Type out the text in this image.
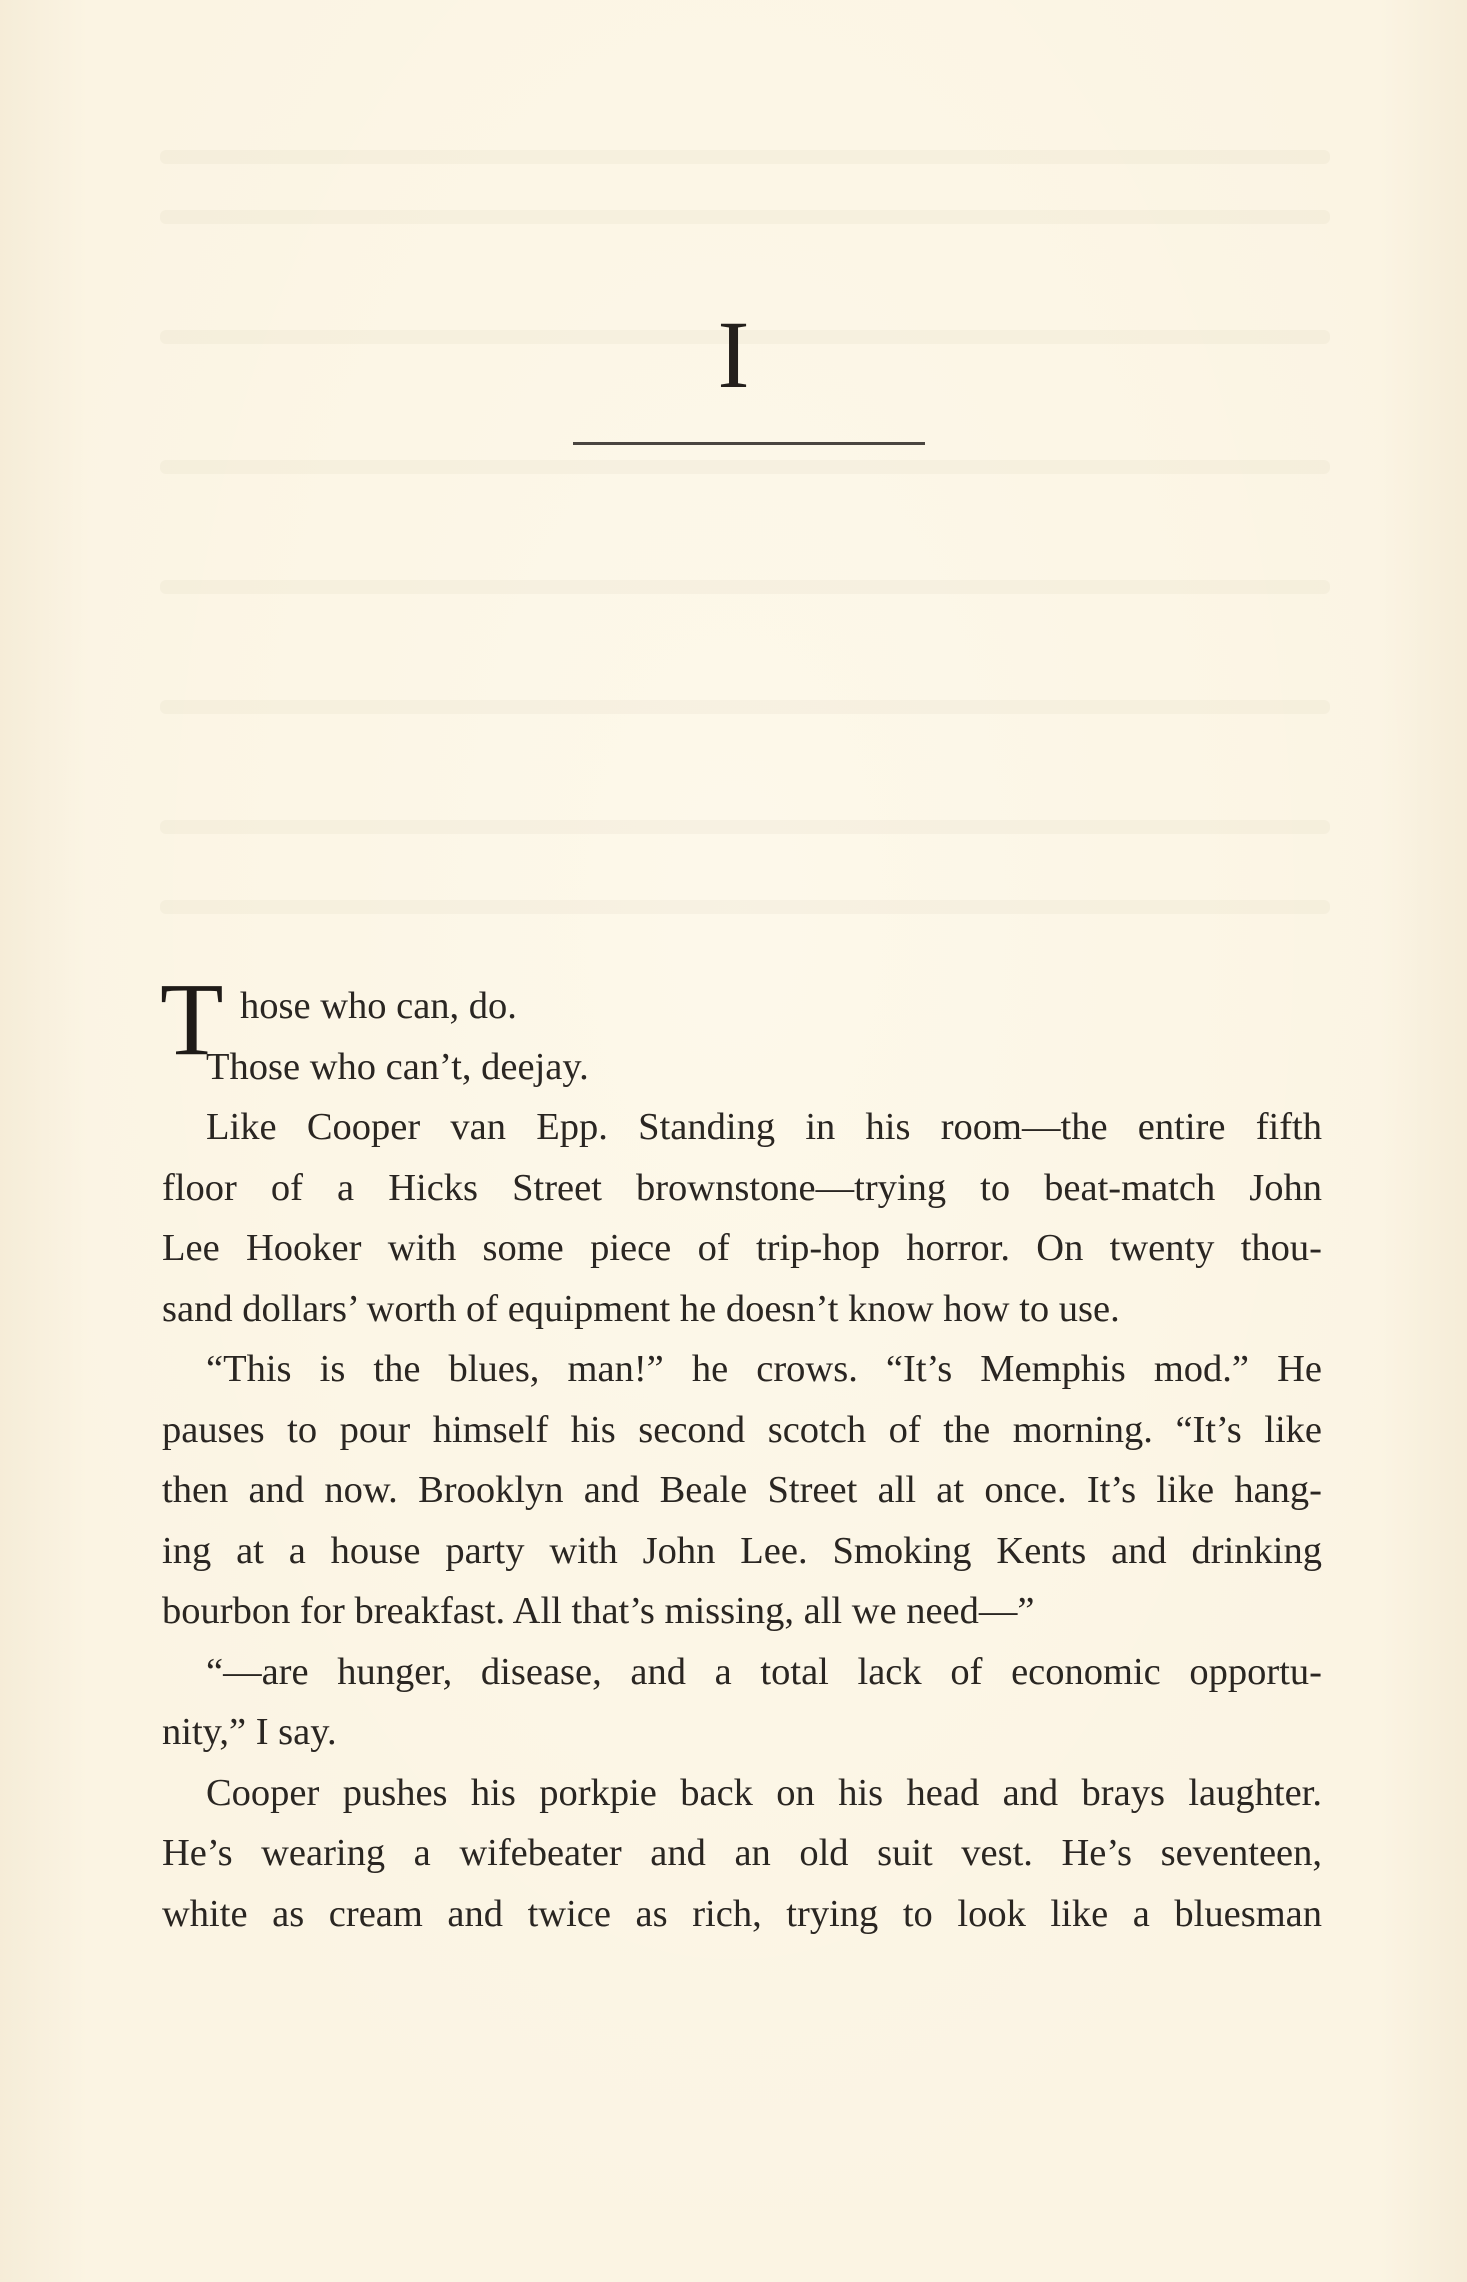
I
T hose who can, do.
Those who can’t, deejay.
Like Cooper van Epp. Standing in his room—the entire fifth
floor of a Hicks Street brownstone—trying to beat-match John
Lee Hooker with some piece of trip-hop horror. On twenty thou-
sand dollars’ worth of equipment he doesn’t know how to use.
“This is the blues, man!” he crows. “It’s Memphis mod.” He
pauses to pour himself his second scotch of the morning. “It’s like
then and now. Brooklyn and Beale Street all at once. It’s like hang-
ing at a house party with John Lee. Smoking Kents and drinking
bourbon for breakfast. All that’s missing, all we need—”
“—are hunger, disease, and a total lack of economic opportu-
nity,” I say.
Cooper pushes his porkpie back on his head and brays laughter.
He’s wearing a wifebeater and an old suit vest. He’s seventeen,
white as cream and twice as rich, trying to look like a bluesman
